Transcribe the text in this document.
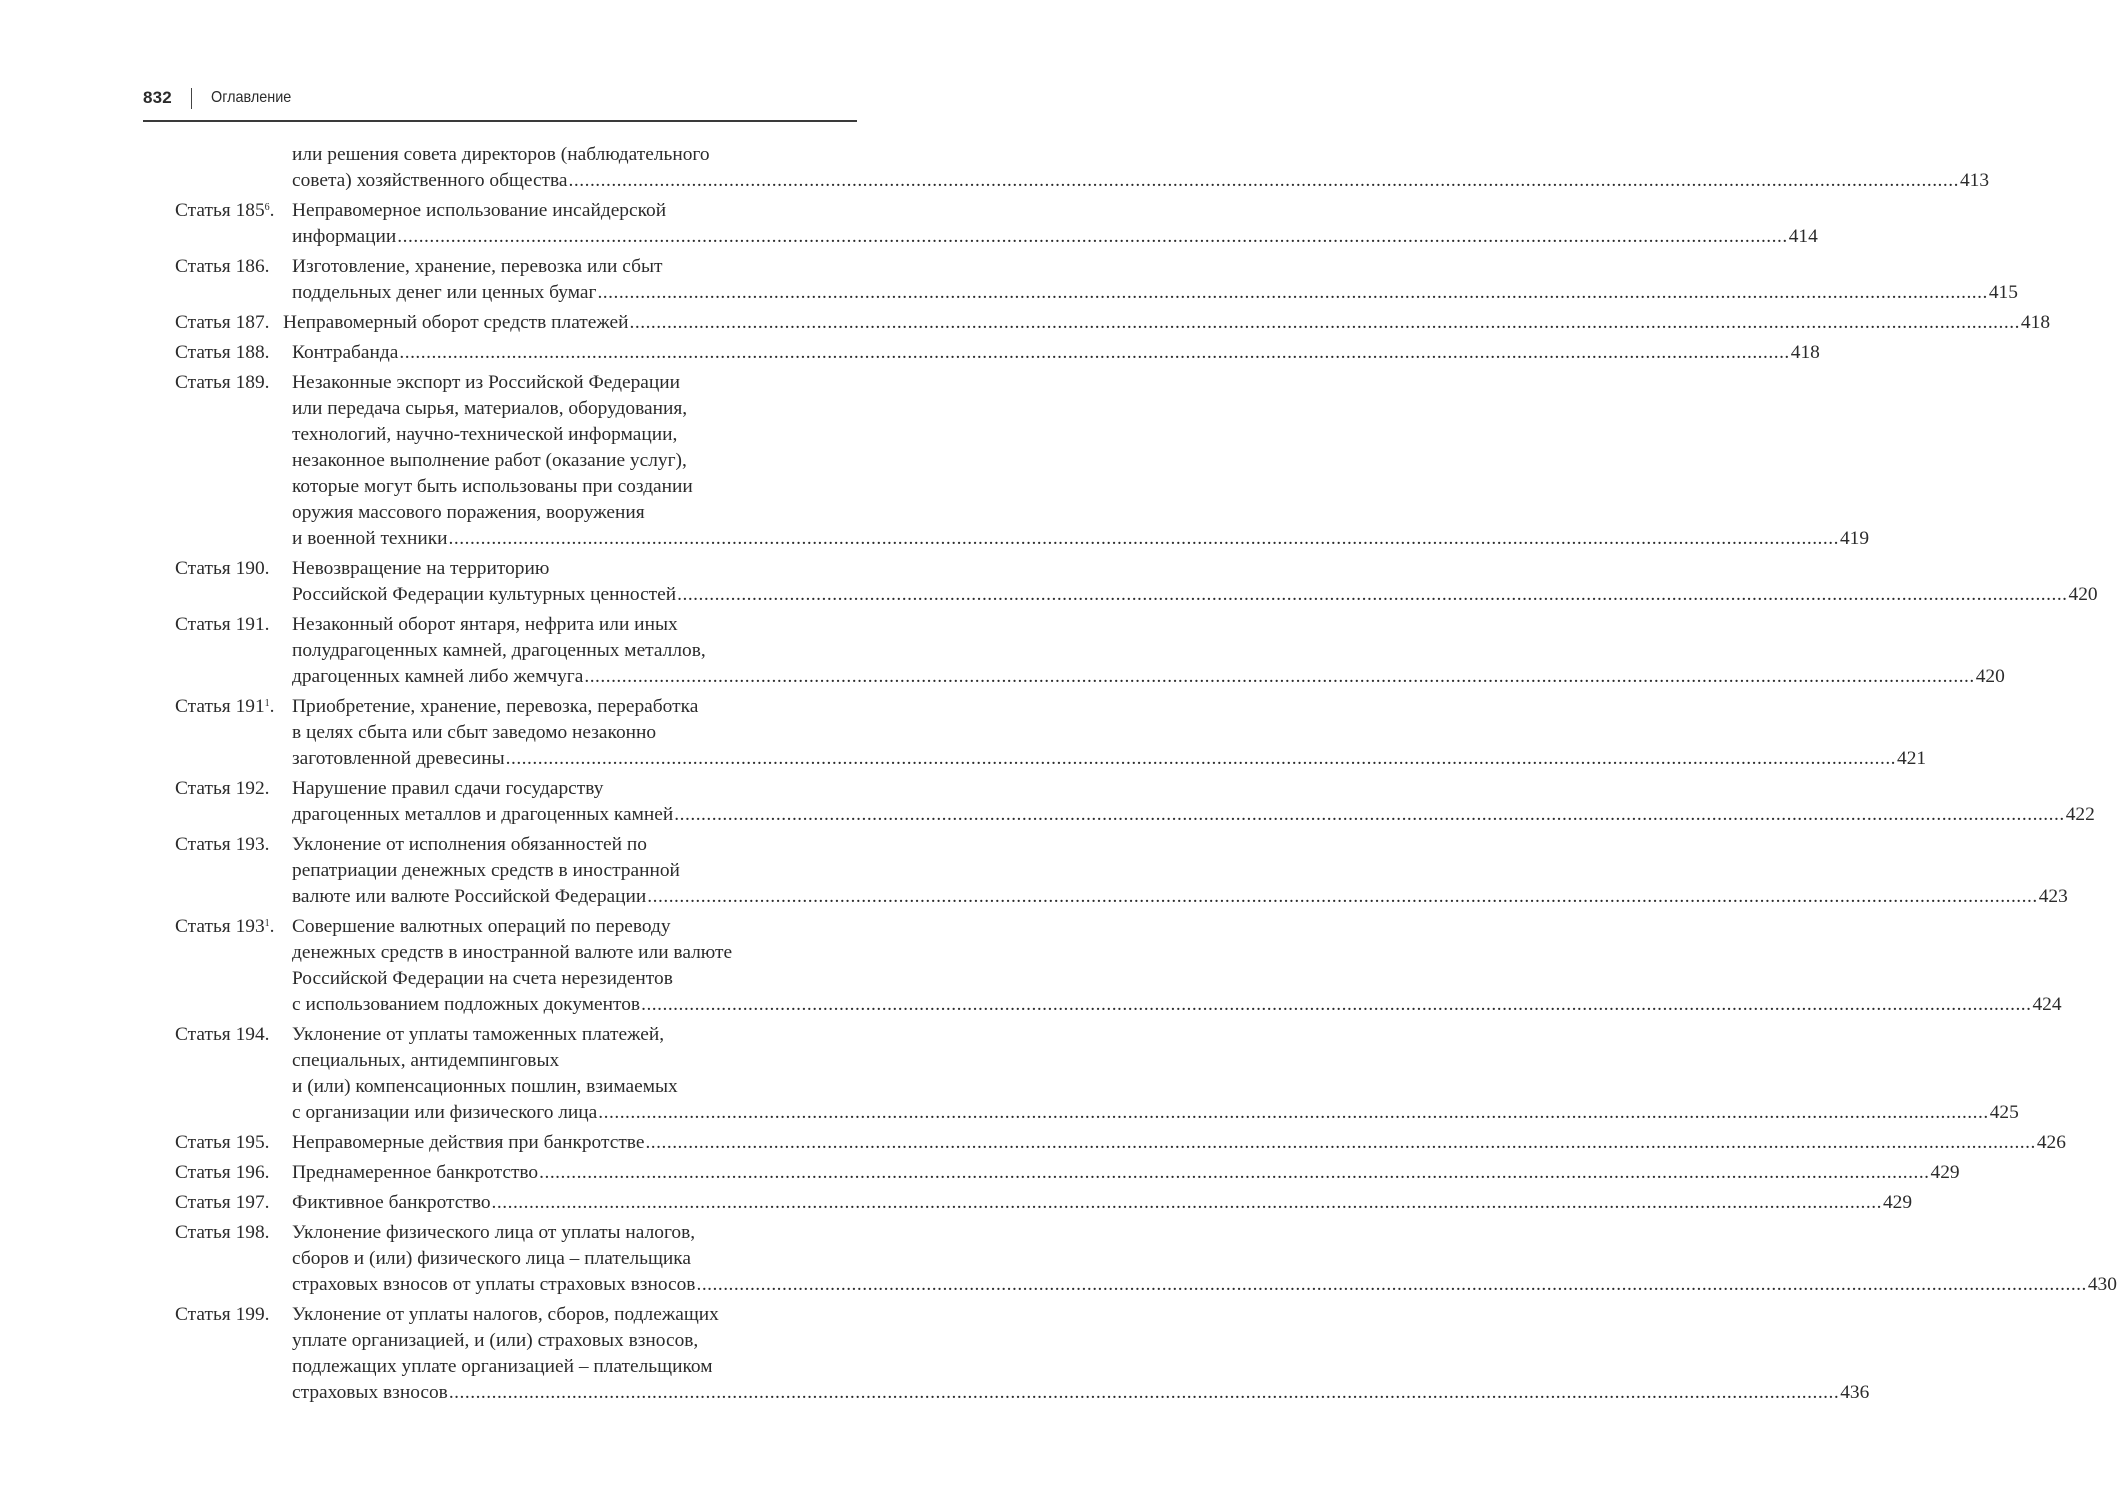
832 Оглавление
или решения совета директоров (наблюдательного
совета) хозяйственного общества .................................................................................................................................................................................................................................................................... 413
Статья $185^6$. Неправомерное использование инсайдерской
информации .................................................................................................................................................................................................................................................................... 414
Статья 186.	Изготовление, хранение, перевозка или сбыт
поддельных денег или ценных бумаг .................................................................................................................................................................................................................................................................... 415
Статья 187. Неправомерный оборот средств платежей .................................................................................................................................................................................................................................................................... 418
Статья 188.	Контрабанда .................................................................................................................................................................................................................................................................... 418
Статья 189.	Незаконные экспорт из Российской Федерации
или передача сырья, материалов, оборудования,
технологий, научно-технической информации,
незаконное выполнение работ (оказание услуг),
которые могут быть использованы при создании
оружия массового поражения, вооружения
и военной техники .................................................................................................................................................................................................................................................................... 419
Статья 190.	Невозвращение на территорию
Российской Федерации культурных ценностей .................................................................................................................................................................................................................................................................... 420
Статья 191.	Незаконный оборот янтаря, нефрита или иных
полудрагоценных камней, драгоценных металлов,
драгоценных камней либо жемчуга .................................................................................................................................................................................................................................................................... 420
Статья $191^1$. Приобретение, хранение, перевозка, переработка
в целях сбыта или сбыт заведомо незаконно
заготовленной древесины .................................................................................................................................................................................................................................................................... 421
Статья 192.	Нарушение правил сдачи государству
драгоценных металлов и драгоценных камней .................................................................................................................................................................................................................................................................... 422
Статья 193.	Уклонение от исполнения обязанностей по
репатриации денежных средств в иностранной
валюте или валюте Российской Федерации .................................................................................................................................................................................................................................................................... 423
Статья $193^1$. Совершение валютных операций по переводу
денежных средств в иностранной валюте или валюте
Российской Федерации на счета нерезидентов
с использованием подложных документов .................................................................................................................................................................................................................................................................... 424
Статья 194.	Уклонение от уплаты таможенных платежей,
специальных, антидемпинговых
и (или) компенсационных пошлин, взимаемых
с организации или физического лица .................................................................................................................................................................................................................................................................... 425
Статья 195.	Неправомерные действия при банкротстве .................................................................................................................................................................................................................................................................... 426
Статья 196.	Преднамеренное банкротство .................................................................................................................................................................................................................................................................... 429
Статья 197.	Фиктивное банкротство .................................................................................................................................................................................................................................................................... 429
Статья 198.	Уклонение физического лица от уплаты налогов,
сборов и (или) физического лица – плательщика
страховых взносов от уплаты страховых взносов .................................................................................................................................................................................................................................................................... 430
Статья 199.	Уклонение от уплаты налогов, сборов, подлежащих
уплате организацией, и (или) страховых взносов,
подлежащих уплате организацией – плательщиком
страховых взносов .................................................................................................................................................................................................................................................................... 436
